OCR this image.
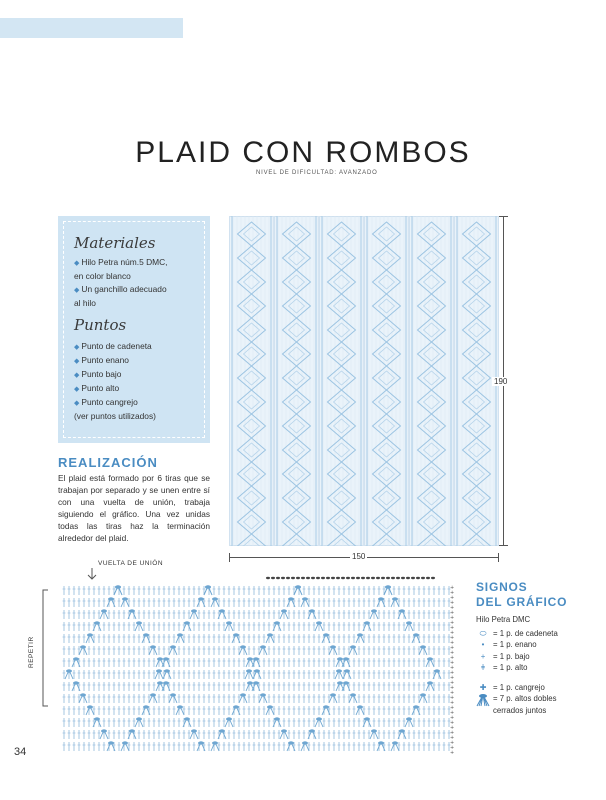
PLAID CON ROMBOS
NIVEL DE DIFICULTAD: AVANZADO
Materiales
◆ Hilo Petra núm.5 DMC,
en color blanco
◆ Un ganchillo adecuado
al hilo
Puntos
◆ Punto de cadeneta
◆ Punto enano
◆ Punto bajo
◆ Punto alto
◆ Punto cangrejo
(ver puntos utilizados)
REALIZACIÓN
El plaid está formado por 6 tiras que se trabajan por separado y se unen entre sí con una vuelta de unión, trabaja siguiendo el gráfico. Una vez unidas todas las tiras haz la terminación alrededor del plaid.
190
150
VUELTA DE UNIÓN
REPETIR
+
+
+
+
+
+
+
+
+
+
+
+
+
+
+
+
+
+
+
+
+
+
+
+
+
+
+
+
+
+
+
+
+
+
SIGNOS
DEL GRÁFICO
Hilo Petra DMC
⬭ = 1 p. de cadeneta
•	= 1 p. enano
+ = 1 p. bajo
ǂ = 1 p. alto
✚ = 1 p. cangrejo
= 7 p. altos dobles
cerrados juntos
34
